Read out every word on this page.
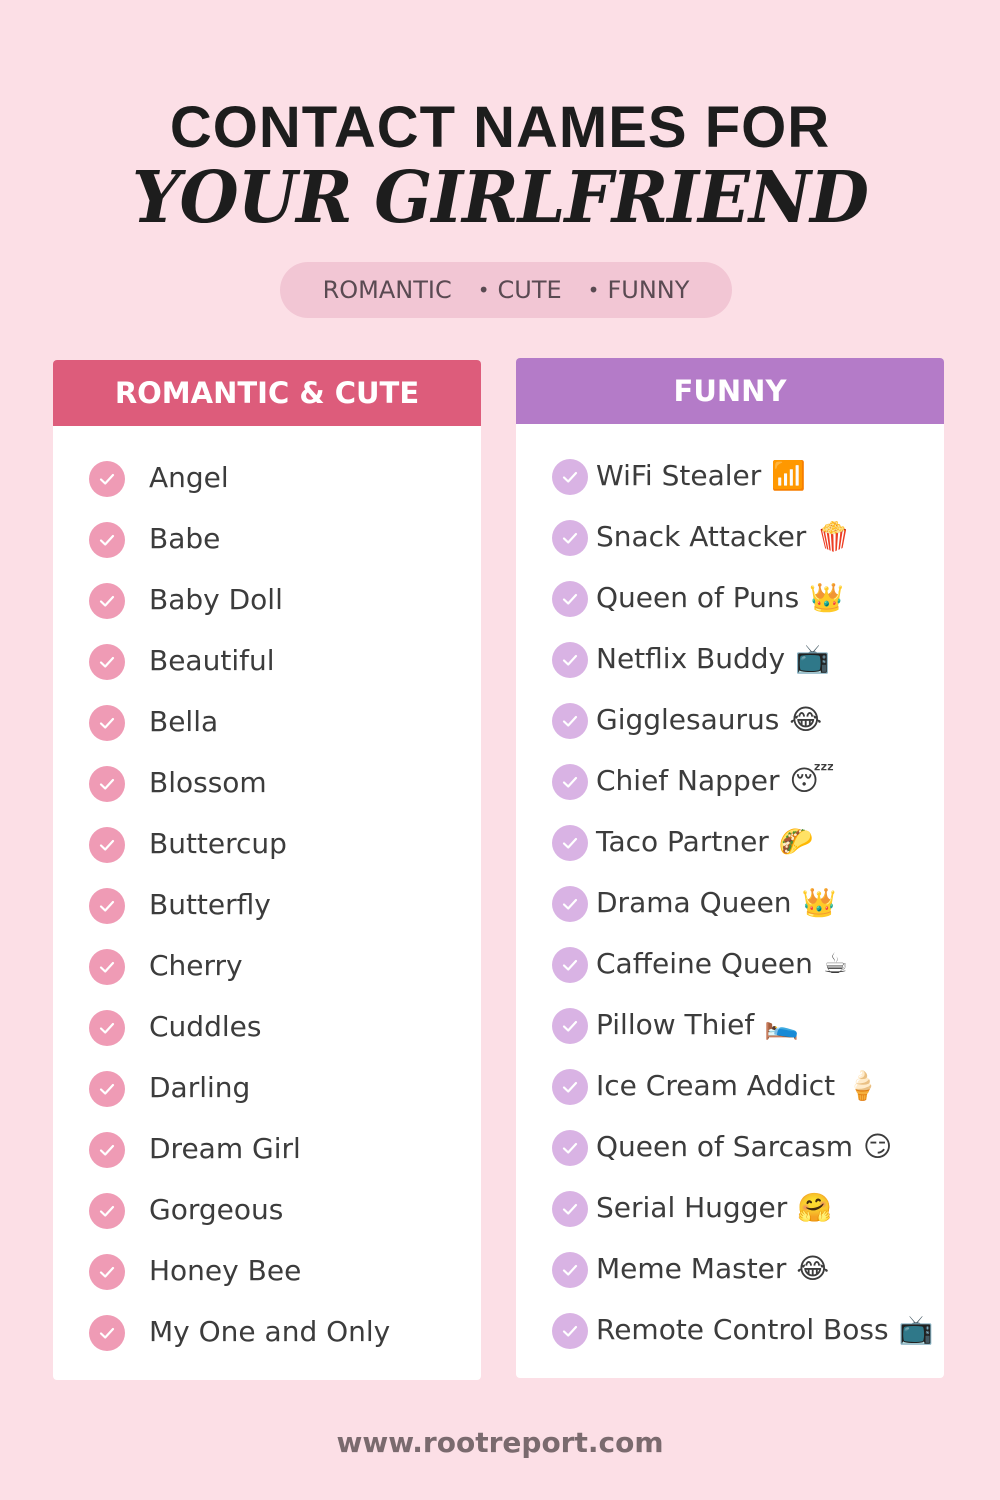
CONTACT NAMES FOR
YOUR GIRLFRIEND
ROMANTIC • CUTE • FUNNY
ROMANTIC & CUTE
Angel
Babe
Baby Doll
Beautiful
Bella
Blossom
Buttercup
Butterfly
Cherry
Cuddles
Darling
Dream Girl
Gorgeous
Honey Bee
My One and Only
FUNNY
WiFi Stealer 📶
Snack Attacker 🍿
Queen of Puns 👑
Netflix Buddy 📺
Gigglesaurus 😂
Chief Napper 😴
Taco Partner 🌮
Drama Queen 👑
Caffeine Queen ☕
Pillow Thief 🛌
Ice Cream Addict 🍦
Queen of Sarcasm 😏
Serial Hugger 🤗
Meme Master 😂
Remote Control Boss 📺
www.rootreport.com
